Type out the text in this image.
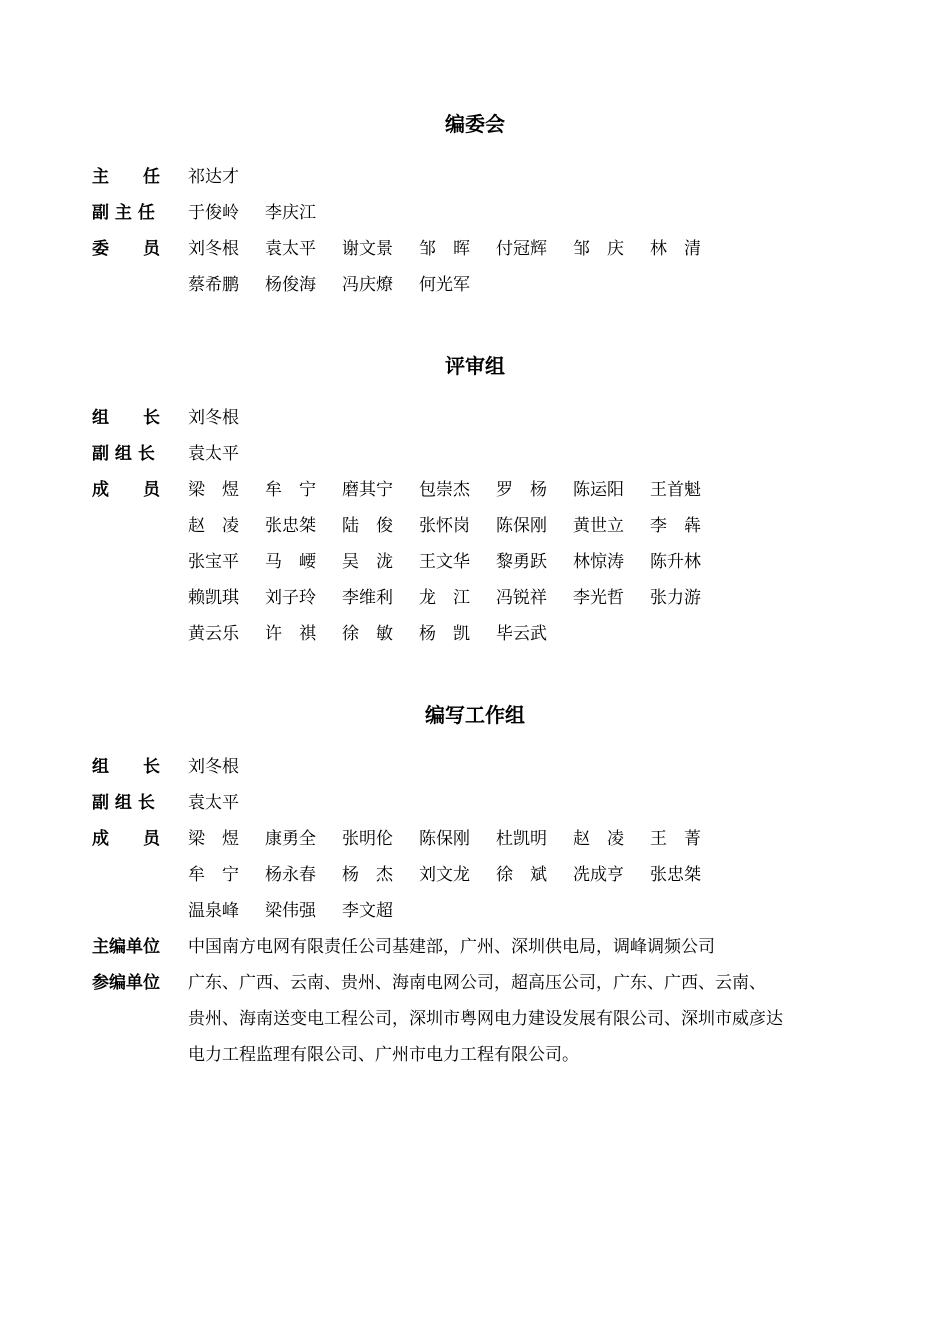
编委会
主　　任	祁达才
副 主 任	于俊岭	李庆江
委　　员	刘冬根	袁太平	谢文景	邹　晖	付冠辉	邹　庆	林　清
蔡希鹏	杨俊海	冯庆燎	何光军
评审组
组　　长	刘冬根
副 组 长	袁太平
成　　员	梁　煜	牟　宁	磨其宁	包崇杰	罗　杨	陈运阳	王首魁
赵　凌	张忠桀	陆　俊	张怀岗	陈保刚	黄世立	李　犇
张宝平	马　崾	吴　泷	王文华	黎勇跃	林惊涛	陈升林
赖凯琪	刘子玲	李维利	龙　江	冯锐祥	李光哲	张力游
黄云乐	许　祺	徐　敏	杨　凯	毕云武
编写工作组
组　　长	刘冬根
副 组 长	袁太平
成　　员	梁　煜	康勇全	张明伦	陈保刚	杜凯明	赵　凌	王　菁
牟　宁	杨永春	杨　杰	刘文龙	徐　斌	冼成亨	张忠桀
温泉峰	梁伟强	李文超
主编单位	中国南方电网有限责任公司基建部，广州、深圳供电局，调峰调频公司
参编单位	广东、广西、云南、贵州、海南电网公司，超高压公司，广东、广西、云南、
贵州、海南送变电工程公司，深圳市粤网电力建设发展有限公司、深圳市威彦达
电力工程监理有限公司、广州市电力工程有限公司。
